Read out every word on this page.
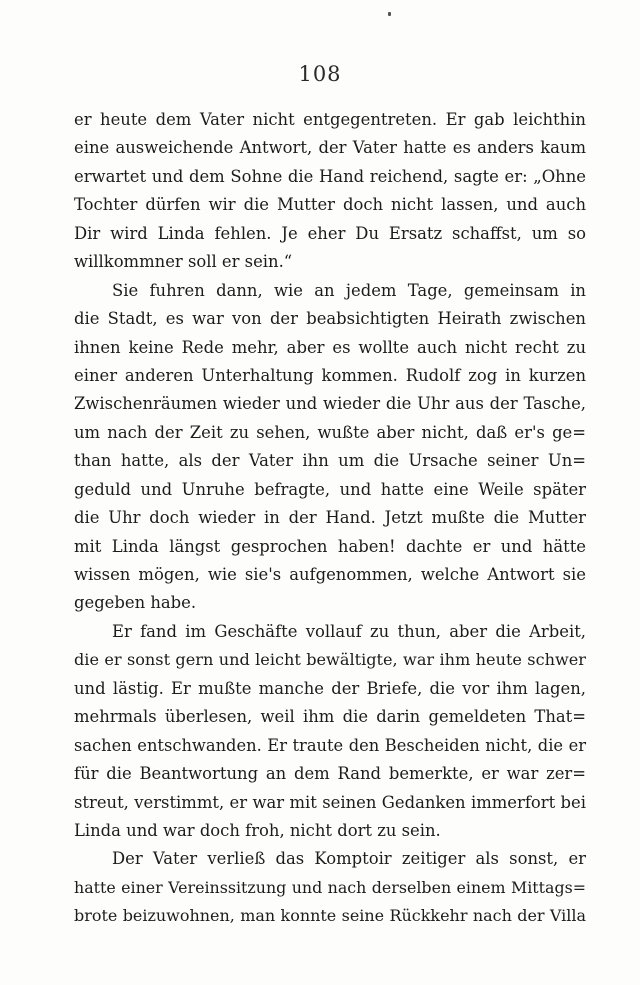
108
er heute dem Vater nicht entgegentreten. Er gab leichthin
eine ausweichende Antwort, der Vater hatte es anders kaum
erwartet und dem Sohne die Hand reichend, sagte er: „Ohne
Tochter dürfen wir die Mutter doch nicht lassen, und auch
Dir wird Linda fehlen. Je eher Du Ersatz schaffst, um so
willkommner soll er sein.“
Sie fuhren dann, wie an jedem Tage, gemeinsam in
die Stadt, es war von der beabsichtigten Heirath zwischen
ihnen keine Rede mehr, aber es wollte auch nicht recht zu
einer anderen Unterhaltung kommen. Rudolf zog in kurzen
Zwischenräumen wieder und wieder die Uhr aus der Tasche,
um nach der Zeit zu sehen, wußte aber nicht, daß er's ge=
than hatte, als der Vater ihn um die Ursache seiner Un=
geduld und Unruhe befragte, und hatte eine Weile später
die Uhr doch wieder in der Hand. Jetzt mußte die Mutter
mit Linda längst gesprochen haben! dachte er und hätte
wissen mögen, wie sie's aufgenommen, welche Antwort sie
gegeben habe.
Er fand im Geschäfte vollauf zu thun, aber die Arbeit,
die er sonst gern und leicht bewältigte, war ihm heute schwer
und lästig. Er mußte manche der Briefe, die vor ihm lagen,
mehrmals überlesen, weil ihm die darin gemeldeten That=
sachen entschwanden. Er traute den Bescheiden nicht, die er
für die Beantwortung an dem Rand bemerkte, er war zer=
streut, verstimmt, er war mit seinen Gedanken immerfort bei
Linda und war doch froh, nicht dort zu sein.
Der Vater verließ das Komptoir zeitiger als sonst, er
hatte einer Vereinssitzung und nach derselben einem Mittags=
brote beizuwohnen, man konnte seine Rückkehr nach der Villa
